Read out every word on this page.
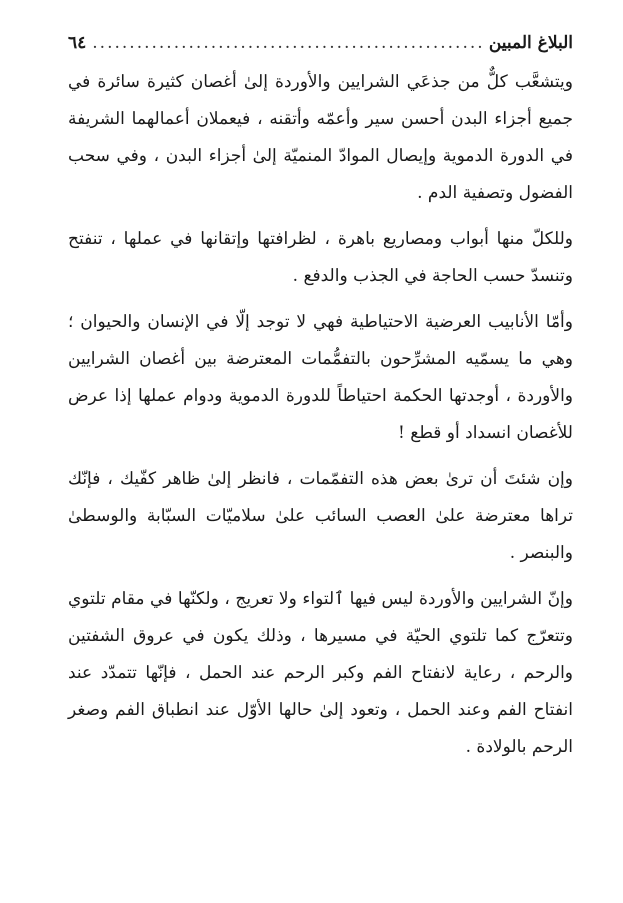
البلاغ المبين
.....
٦٤

ويتشعَّب كلٌّ من جذعَي الشرايين والأوردة إلىٰ أغصان كثيرة سائرة في جميع أجزاء البدن أحسن سير وأعمّه وأتقنه ، فيعملان أعمالهما الشريفة في الدورة الدموية وإيصال الموادّ المنميّة إلىٰ أجزاء البدن ، وفي سحب الفضول وتصفية الدم .

وللكلّ منها أبواب ومصاريع باهرة ، لظرافتها وإتقانها في عملها ، تنفتح وتنسدّ حسب الحاجة في الجذب والدفع .

وأمّا الأنابيب العرضية الاحتياطية فهي لا توجد إلّا في الإنسان والحيوان ؛ وهي ما يسمّيه المشرِّحون بالتفمُّمات المعترضة بين أغصان الشرايين والأوردة ، أوجدتها الحكمة احتياطاً للدورة الدموية ودوام عملها إذا عرض للأغصان انسداد أو قطع !

وإن شئتَ أن ترىٰ بعض هذه التفمّمات ، فانظر إلىٰ ظاهر كفّيك ، فإنّك تراها معترضة علىٰ العصب السائب علىٰ سلاميّات السبّابة والوسطىٰ والبنصر .

وإنّ الشرايين والأوردة ليس فيها ٱلتواء ولا تعريج ، ولكنّها في مقام تلتوي وتتعرّج كما تلتوي الحيّة في مسيرها ، وذلك يكون في عروق الشفتين والرحم ، رعاية لانفتاح الفم وكبر الرحم عند الحمل ، فإنّها تتمدّد عند انفتاح الفم وعند الحمل ، وتعود إلىٰ حالها الأوّل عند انطباق الفم وصغر الرحم بالولادة .
